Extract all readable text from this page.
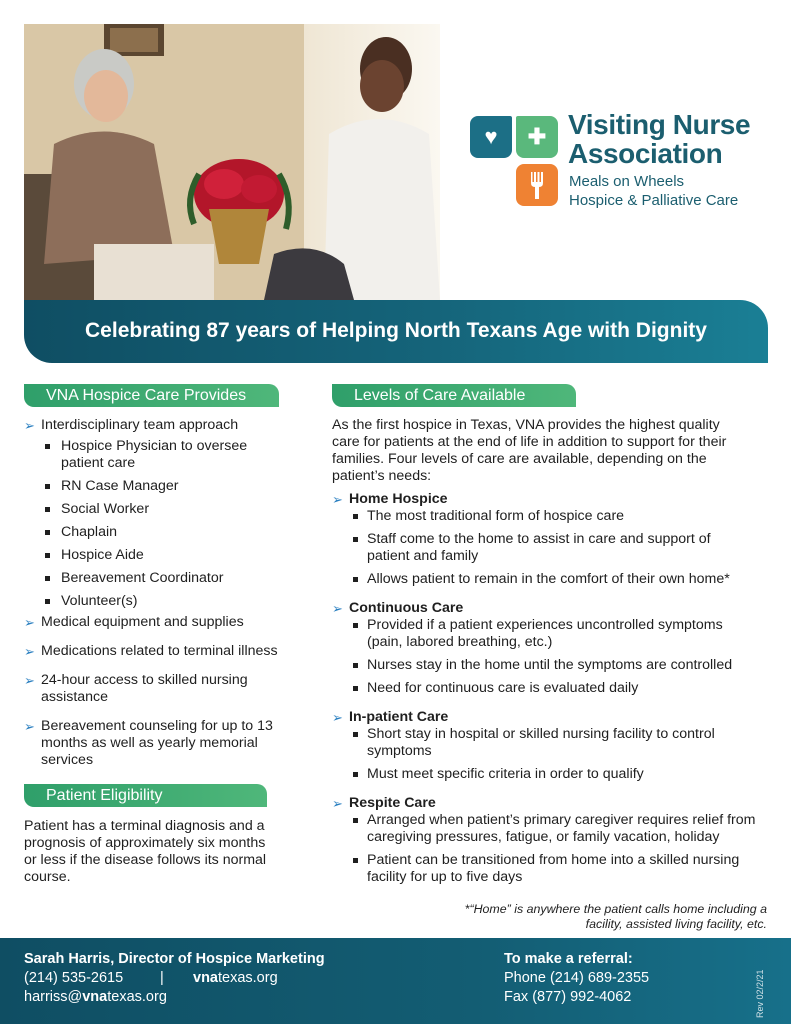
♥	✚ Visiting Nurse
Association
Meals on Wheels
Hospice & Palliative Care
Celebrating 87 years of Helping North Texans Age with Dignity
VNA Hospice Care Provides
➢ Interdisciplinary team approach
Hospice Physician to oversee
patient care
RN Case Manager
Social Worker
Chaplain
Hospice Aide
Bereavement Coordinator
Volunteer(s)
➢ Medical equipment and supplies
➢ Medications related to terminal illness
➢ 24-hour access to skilled nursing
assistance
➢ Bereavement counseling for up to 13
months as well as yearly memorial
services
Patient Eligibility
Patient has a terminal diagnosis and a
prognosis of approximately six months
or less if the disease follows its normal
course.
Levels of Care Available
As the first hospice in Texas, VNA provides the highest quality
care for patients at the end of life in addition to support for their
families. Four levels of care are available, depending on the
patient’s needs:
➢ Home Hospice
The most traditional form of hospice care
Staff come to the home to assist in care and support of
patient and family
Allows patient to remain in the comfort of their own home*
➢ Continuous Care
Provided if a patient experiences uncontrolled symptoms
(pain, labored breathing, etc.)
Nurses stay in the home until the symptoms are controlled
Need for continuous care is evaluated daily
➢ In-patient Care
Short stay in hospital or skilled nursing facility to control
symptoms
Must meet specific criteria in order to qualify
➢ Respite Care
Arranged when patient’s primary caregiver requires relief from
caregiving pressures, fatigue, or family vacation, holiday
Patient can be transitioned from home into a skilled nursing
facility for up to five days
*“Home” is anywhere the patient calls home including a
facility, assisted living facility, etc.
Sarah Harris, Director of Hospice Marketing
(214) 535-2615	| vnatexas.org
harriss@vnatexas.org
To make a referral:
Phone (214) 689-2355
Fax (877) 992-4062	Rev 02/2/21
